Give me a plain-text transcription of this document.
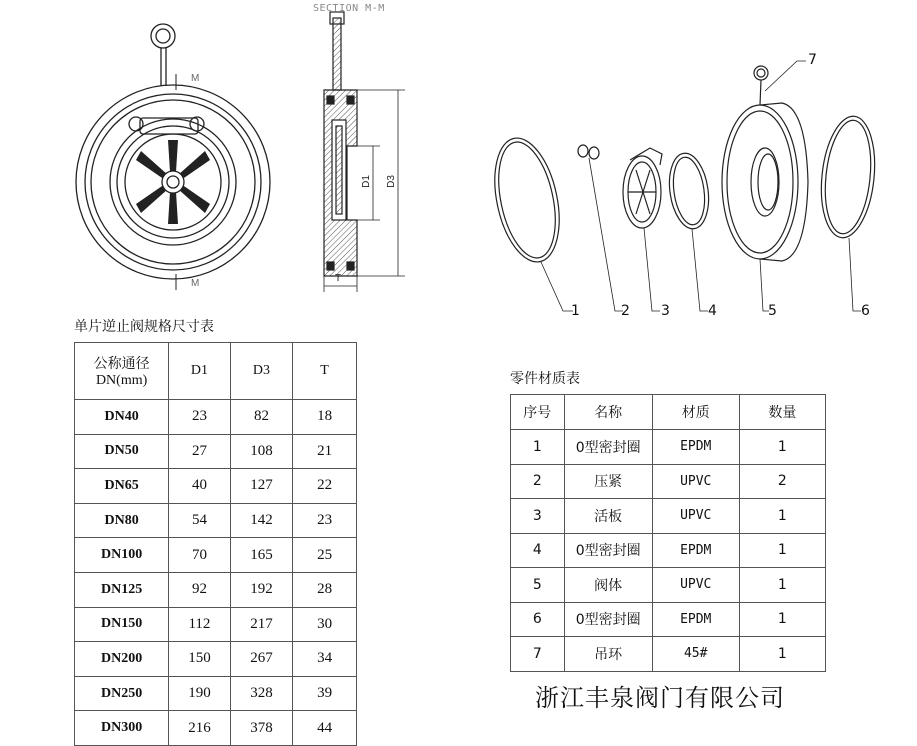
SECTION M-M
M
M
D1 D3
T
1	2 3	4	5	6
7
单片逆止阀规格尺寸表
公称通径
DN(mm)	D1	D3	T
DN40	23	82	18
DN50	27	108	21
DN65	40	127	22
DN80	54	142	23
DN100	70	165	25
DN125	92	192	28
DN150	112	217	30
DN200	150	267	34
DN250	190	328	39
DN300	216	378	44
零件材质表
序号	名称	材质	数量
1	0型密封圈	EPDM	1
2	压紧	UPVC	2
3	活板	UPVC	1
4	0型密封圈	EPDM	1
5	阀体	UPVC	1
6	0型密封圈	EPDM	1
7	吊环	45#	1
浙江丰泉阀门有限公司
